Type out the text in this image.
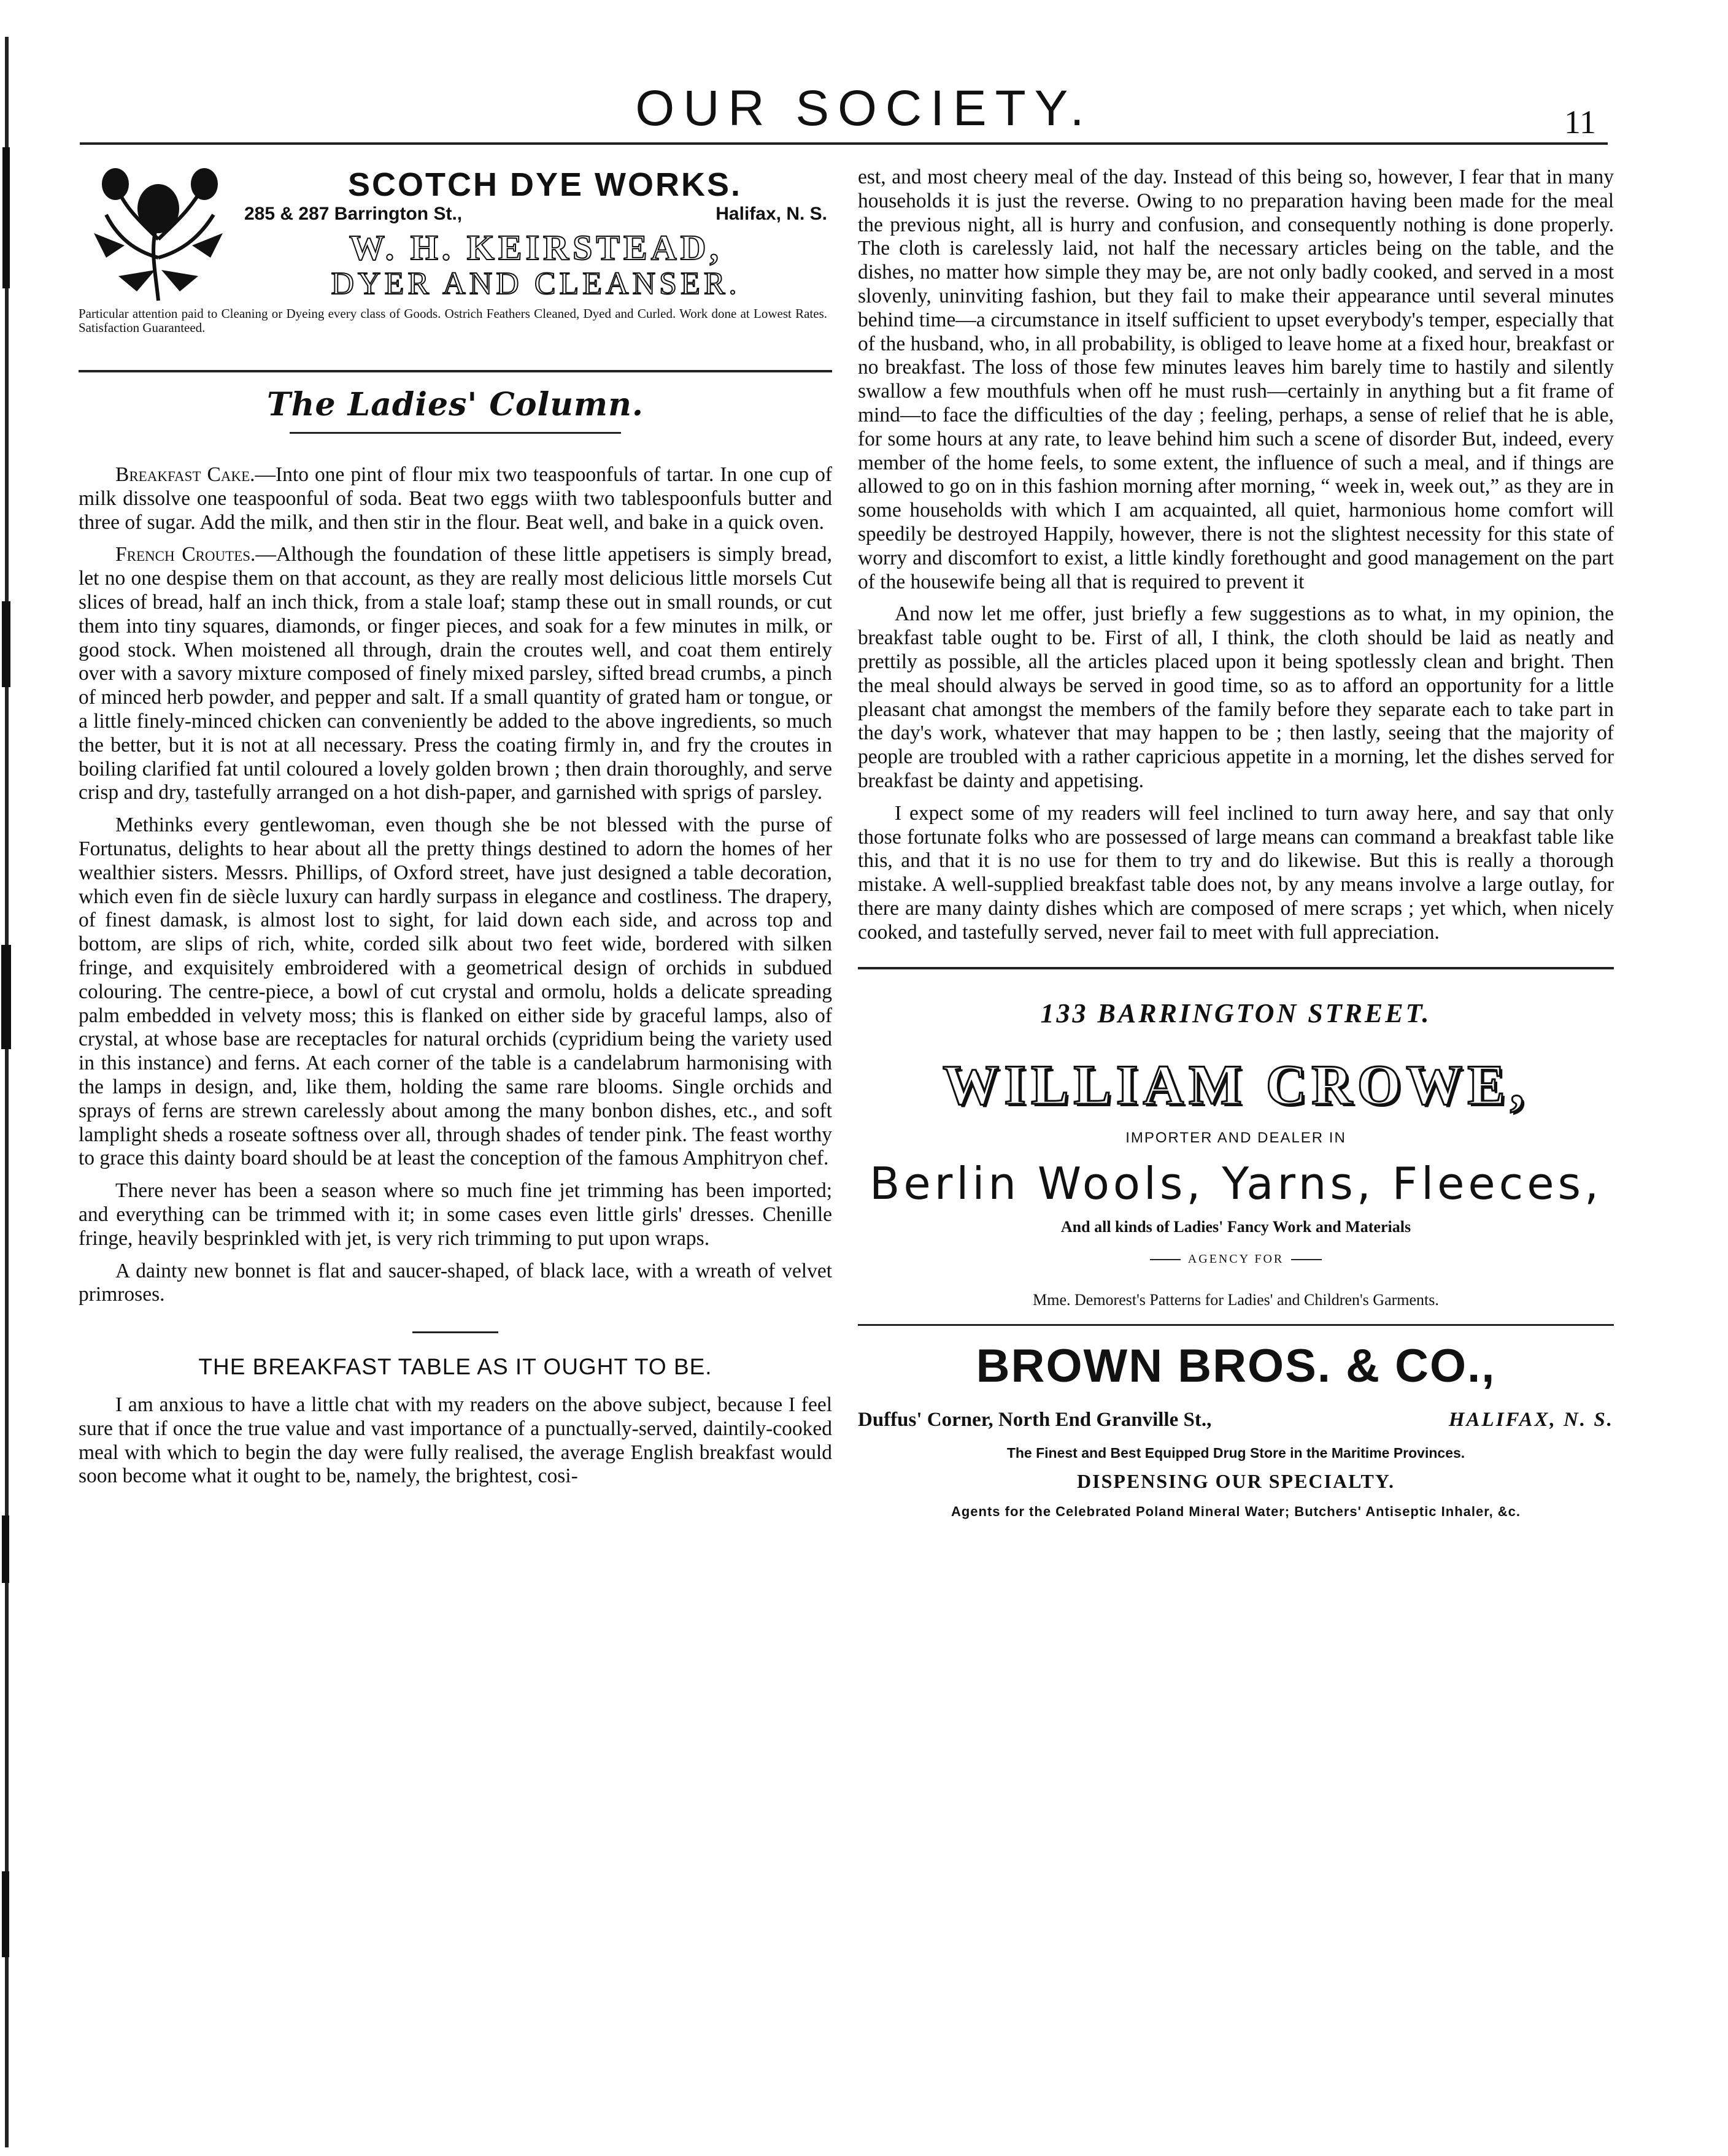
OUR SOCIETY.	11
SCOTCH DYE WORKS.
285 & 287 Barrington St.,	Halifax, N. S.
W. H. KEIRSTEAD,
DYER AND CLEANSER.
Particular attention paid to Cleaning or Dyeing every class of Goods. Ostrich Feathers Cleaned, Dyed and Curled. Work done at Lowest Rates. Satisfaction Guaranteed.
The Ladies' Column.

Breakfast Cake.—Into one pint of flour mix two teaspoonfuls of tartar. In one cup of milk dissolve one teaspoonful of soda. Beat two eggs wiith two tablespoonfuls butter and three of sugar. Add the milk, and then stir in the flour. Beat well, and bake in a quick oven.

French Croutes.—Although the foundation of these little appetisers is simply bread, let no one despise them on that account, as they are really most delicious little morsels Cut slices of bread, half an inch thick, from a stale loaf; stamp these out in small rounds, or cut them into tiny squares, diamonds, or finger pieces, and soak for a few minutes in milk, or good stock. When moistened all through, drain the croutes well, and coat them entirely over with a savory mixture composed of finely mixed parsley, sifted bread crumbs, a pinch of minced herb powder, and pepper and salt. If a small quantity of grated ham or tongue, or a little finely-minced chicken can conveniently be added to the above ingredients, so much the better, but it is not at all necessary. Press the coating firmly in, and fry the croutes in boiling clarified fat until coloured a lovely golden brown ; then drain thoroughly, and serve crisp and dry, tastefully arranged on a hot dish-paper, and garnished with sprigs of parsley.

Methinks every gentlewoman, even though she be not blessed with the purse of Fortunatus, delights to hear about all the pretty things destined to adorn the homes of her wealthier sisters. Messrs. Phillips, of Oxford street, have just designed a table decoration, which even fin de siècle luxury can hardly surpass in elegance and costliness. The drapery, of finest damask, is almost lost to sight, for laid down each side, and across top and bottom, are slips of rich, white, corded silk about two feet wide, bordered with silken fringe, and exquisitely embroidered with a geometrical design of orchids in subdued colouring. The centre-piece, a bowl of cut crystal and ormolu, holds a delicate spreading palm embedded in velvety moss; this is flanked on either side by graceful lamps, also of crystal, at whose base are receptacles for natural orchids (cypridium being the variety used in this instance) and ferns. At each corner of the table is a candelabrum harmonising with the lamps in design, and, like them, holding the same rare blooms. Single orchids and sprays of ferns are strewn carelessly about among the many bonbon dishes, etc., and soft lamplight sheds a roseate softness over all, through shades of tender pink. The feast worthy to grace this dainty board should be at least the conception of the famous Amphitryon chef.

There never has been a season where so much fine jet trimming has been imported; and everything can be trimmed with it; in some cases even little girls' dresses. Chenille fringe, heavily besprinkled with jet, is very rich trimming to put upon wraps.

A dainty new bonnet is flat and saucer-shaped, of black lace, with a wreath of velvet primroses.

THE BREAKFAST TABLE AS IT OUGHT TO BE.

I am anxious to have a little chat with my readers on the above subject, because I feel sure that if once the true value and vast importance of a punctually-served, daintily-cooked meal with which to begin the day were fully realised, the average English breakfast would soon become what it ought to be, namely, the brightest, cosi-

est, and most cheery meal of the day. Instead of this being so, however, I fear that in many households it is just the reverse. Owing to no preparation having been made for the meal the previous night, all is hurry and confusion, and consequently nothing is done properly. The cloth is carelessly laid, not half the necessary articles being on the table, and the dishes, no matter how simple they may be, are not only badly cooked, and served in a most slovenly, uninviting fashion, but they fail to make their appearance until several minutes behind time—a circumstance in itself sufficient to upset everybody's temper, especially that of the husband, who, in all probability, is obliged to leave home at a fixed hour, breakfast or no breakfast. The loss of those few minutes leaves him barely time to hastily and silently swallow a few mouthfuls when off he must rush—certainly in anything but a fit frame of mind—to face the difficulties of the day ; feeling, perhaps, a sense of relief that he is able, for some hours at any rate, to leave behind him such a scene of disorder But, indeed, every member of the home feels, to some extent, the influence of such a meal, and if things are allowed to go on in this fashion morning after morning, “ week in, week out,” as they are in some households with which I am acquainted, all quiet, harmonious home comfort will speedily be destroyed Happily, however, there is not the slightest necessity for this state of worry and discomfort to exist, a little kindly forethought and good management on the part of the housewife being all that is required to prevent it

And now let me offer, just briefly a few suggestions as to what, in my opinion, the breakfast table ought to be. First of all, I think, the cloth should be laid as neatly and prettily as possible, all the articles placed upon it being spotlessly clean and bright. Then the meal should always be served in good time, so as to afford an opportunity for a little pleasant chat amongst the members of the family before they separate each to take part in the day's work, whatever that may happen to be ; then lastly, seeing that the majority of people are troubled with a rather capricious appetite in a morning, let the dishes served for breakfast be dainty and appetising.

I expect some of my readers will feel inclined to turn away here, and say that only those fortunate folks who are possessed of large means can command a breakfast table like this, and that it is no use for them to try and do likewise. But this is really a thorough mistake. A well-supplied breakfast table does not, by any means involve a large outlay, for there are many dainty dishes which are composed of mere scraps ; yet which, when nicely cooked, and tastefully served, never fail to meet with full appreciation.

133 BARRINGTON STREET.
WILLIAM CROWE,
IMPORTER AND DEALER IN
Berlin Wools, Yarns, Fleeces,
And all kinds of Ladies' Fancy Work and Materials
AGENCY FOR
Mme. Demorest's Patterns for Ladies' and Children's Garments.
BROWN BROS. & CO.,
Duffus' Corner, North End Granville St.,	HALIFAX, N. S.
The Finest and Best Equipped Drug Store in the Maritime Provinces.
DISPENSING OUR SPECIALTY.
Agents for the Celebrated Poland Mineral Water; Butchers' Antiseptic Inhaler, &c.
